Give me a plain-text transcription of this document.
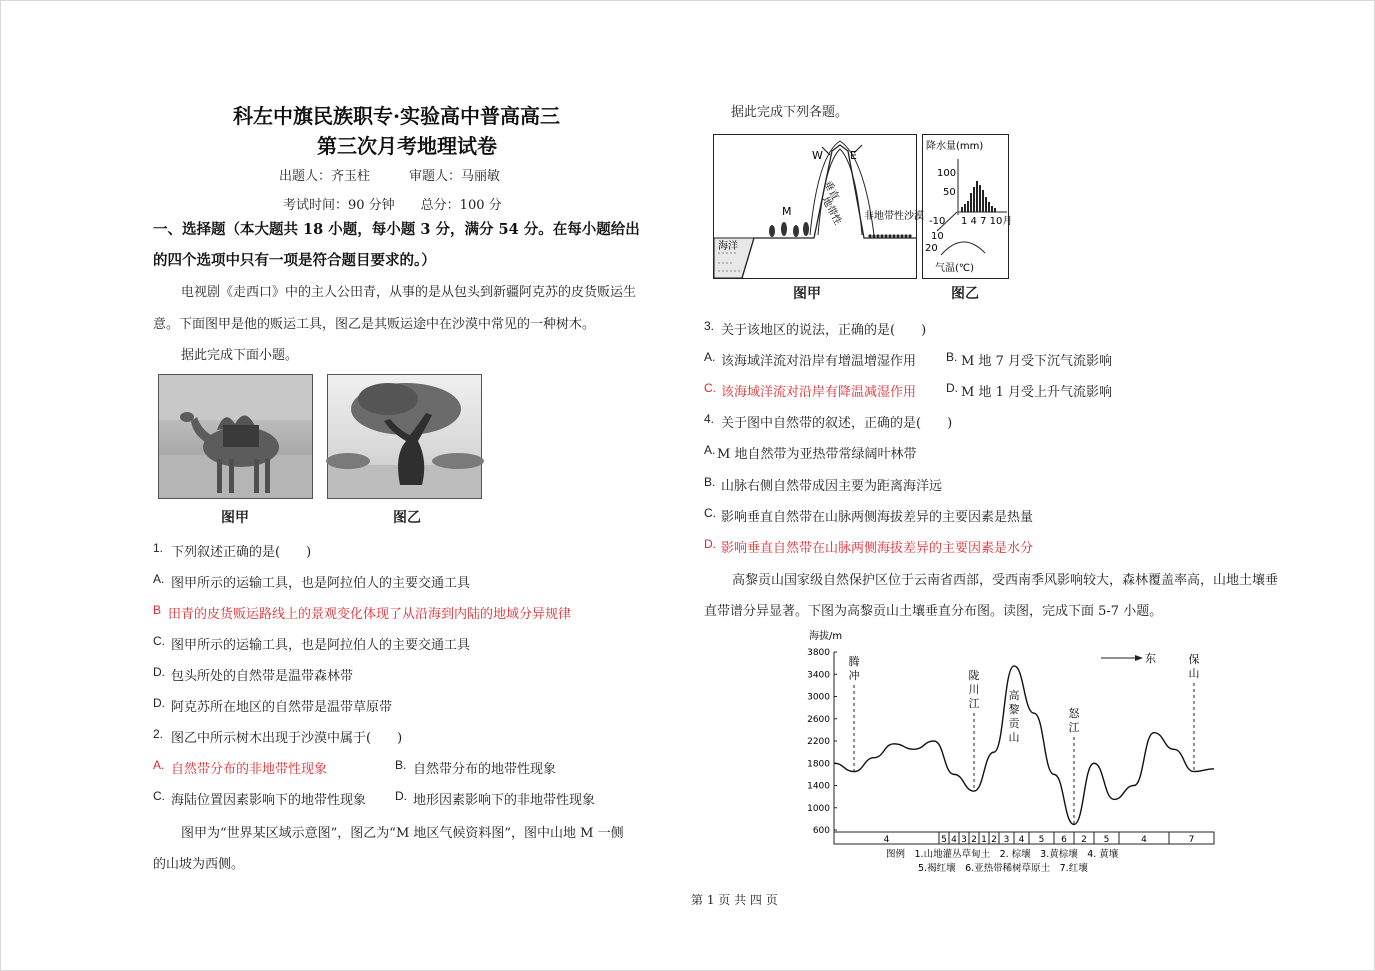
科左中旗民族职专·实验高中普高高三
第三次月考地理试卷
出题人：齐玉柱　　　审题人：马丽敏
考试时间：90 分钟　　总分：100 分
一、选择题（本大题共 18 小题，每小题 3 分，满分 54 分。在每小题给出
的四个选项中只有一项是符合题目要求的。）
电视剧《走西口》中的主人公田青，从事的是从包头到新疆阿克苏的皮货贩运生
意。下面图甲是他的贩运工具，图乙是其贩运途中在沙漠中常见的一种树木。
据此完成下面小题。
图甲	图乙
1. 下列叙述正确的是(　　)
A. 图甲所示的运输工具，也是阿拉伯人的主要交通工具
B 田青的皮货贩运路线上的景观变化体现了从沿海到内陆的地域分异规律
C. 图甲所示的运输工具，也是阿拉伯人的主要交通工具
D. 包头所处的自然带是温带森林带
D. 阿克苏所在地区的自然带是温带草原带
2. 图乙中所示树木出现于沙漠中属于(　　)
A. 自然带分布的非地带性现象	B. 自然带分布的地带性现象
C. 海陆位置因素影响下的地带性现象 D. 地形因素影响下的非地带性现象
图甲为“世界某区域示意图”，图乙为“M 地区气候资料图”，图中山地 M 一侧
的山坡为西侧。
据此完成下列各题。
W E
垂直
地带性 非地带性沙漠
M
海洋
图甲
降水量(mm)
100
50
-10 1 4 7 10月
10
20
气温(℃)
图乙
3. 关于该地区的说法，正确的是(　　)
A. 该海域洋流对沿岸有增温增湿作用 B. M 地 7 月受下沉气流影响
C. 该海域洋流对沿岸有降温减湿作用 D. M 地 1 月受上升气流影响
4. 关于图中自然带的叙述，正确的是(　　)
A. M 地自然带为亚热带常绿阔叶林带
B. 山脉右侧自然带成因主要为距离海洋远
C. 影响垂直自然带在山脉两侧海拔差异的主要因素是热量
D. 影响垂直自然带在山脉两侧海拔差异的主要因素是水分
高黎贡山国家级自然保护区位于云南省西部，受西南季风影响较大，森林覆盖率高，山地土壤垂
直带谱分异显著。下图为高黎贡山土壤垂直分布图。读图，完成下面 5-7 小题。
海拔/m
3800
3400
3000
2600
2200
1800
1400
1000
600
腾
冲	陇
川
江
高
黎
贡
山
怒
江
保
山
东
4	5 4 3 2 1 2 3 4 5 6 2 5	4	7
图例　1.山地灌丛草甸土　2. 棕壤　3.黄棕壤　4. 黄壤
5.褐红壤　6.亚热带稀树草原土　7.红壤
第 1 页 共 四 页
